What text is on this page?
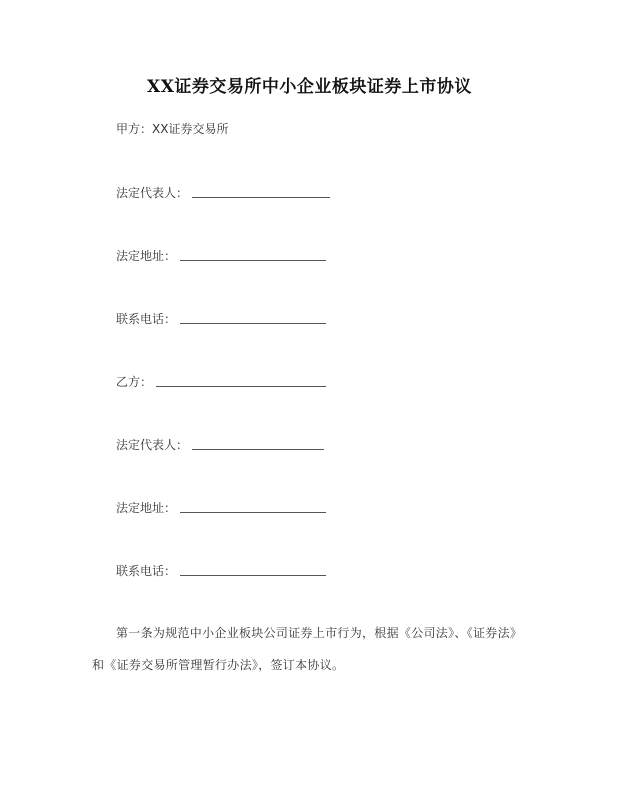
XX证券交易所中小企业板块证券上市协议
甲方： XX证券交易所
法定代表人：
法定地址：
联系电话：
乙方：
法定代表人：
法定地址：
联系电话：
第一条为规范中小企业板块公司证券上市行为，根据《公司法》、《证券法》
和《证券交易所管理暂行办法》，签订本协议。
